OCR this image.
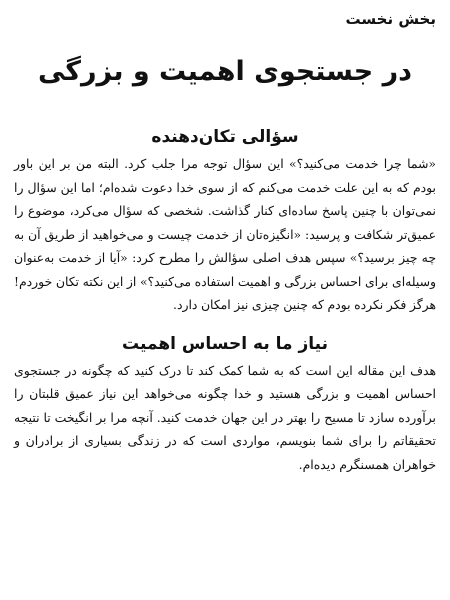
بخش نخست
در جستجوی اهمیت و بزرگی
سؤالی تکان‌دهنده

«شما چرا خدمت می‌کنید؟» این سؤال توجه مرا جلب کرد. البته من بر این باور بودم که به این علت خدمت می‌کنم که از سوی خدا دعوت شده‌ام؛ اما این سؤال را نمی‌توان با چنین پاسخ ساده‌ای کنار گذاشت. شخصی که سؤال می‌کرد، موضوع را عمیق‌تر شکافت و پرسید: «انگیزه‌تان از خدمت چیست و می‌خواهید از طریق آن به چه چیز برسید؟» سپس هدف اصلی سؤالش را مطرح کرد: «آیا از خدمت به‌عنوان وسیله‌ای برای احساس بزرگی و اهمیت استفاده می‌کنید؟» از این نکته تکان خوردم! هرگز فکر نکرده بودم که چنین چیزی نیز امکان دارد.

نیاز ما به احساس اهمیت

هدف این مقاله این است که به شما کمک کند تا درک کنید که چگونه در جستجوی احساس اهمیت و بزرگی هستید و خدا چگونه می‌خواهد این نیاز عمیق قلبتان را برآورده سازد تا مسیح را بهتر در این جهان خدمت کنید. آنچه مرا بر انگیخت تا نتیجه تحقیقاتم را برای شما بنویسم، مواردی است که در زندگی بسیاری از برادران و خواهران همسنگرم دیده‌ام.
